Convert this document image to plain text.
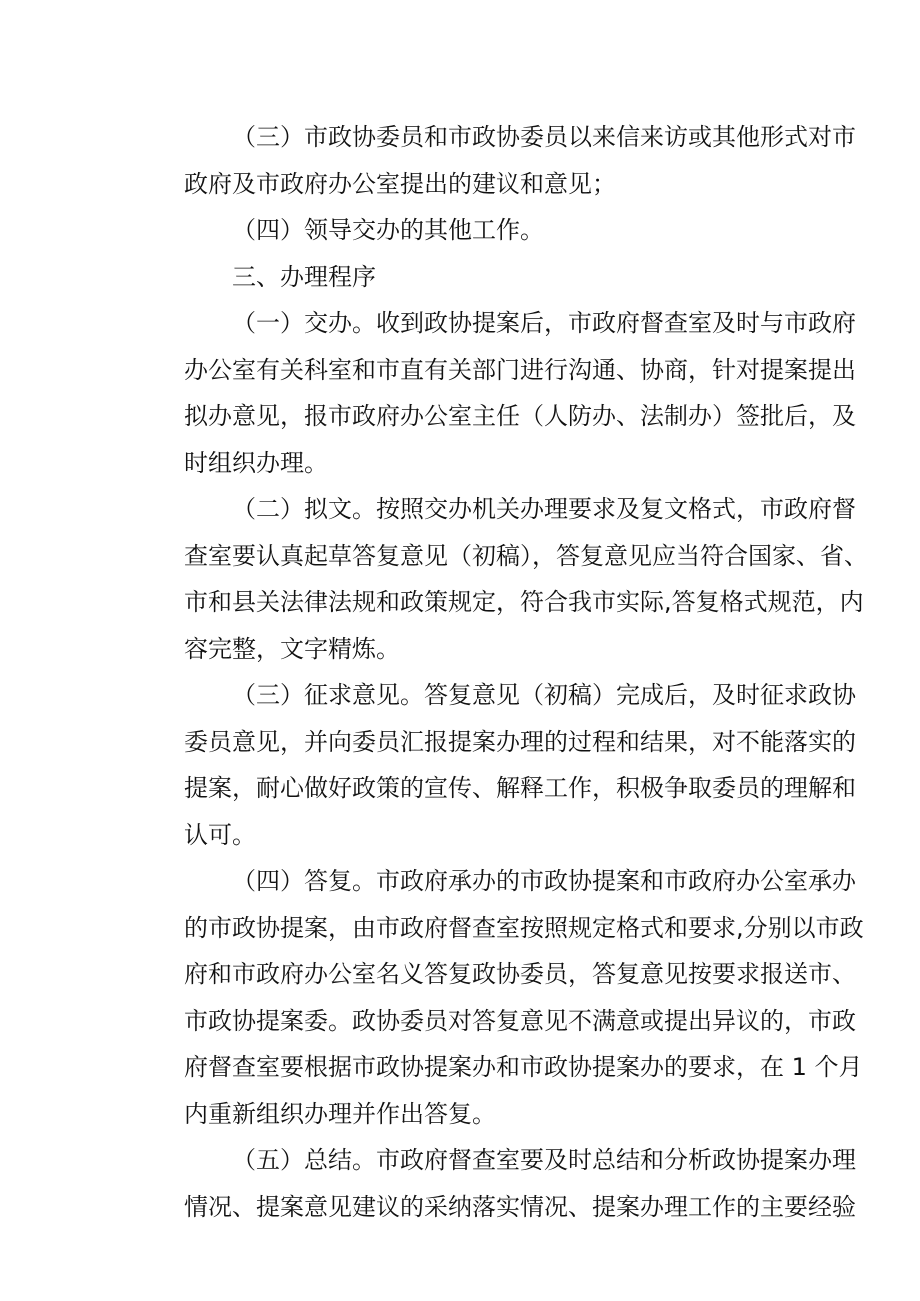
（三）市政协委员和市政协委员以来信来访或其他形式对市
政府及市政府办公室提出的建议和意见；
（四）领导交办的其他工作。
三、办理程序
（一）交办。收到政协提案后，市政府督查室及时与市政府
办公室有关科室和市直有关部门进行沟通、协商，针对提案提出
拟办意见，报市政府办公室主任（人防办、法制办）签批后，及
时组织办理。
（二）拟文。按照交办机关办理要求及复文格式，市政府督
查室要认真起草答复意见（初稿），答复意见应当符合国家、省、
市和县关法律法规和政策规定，符合我市实际,答复格式规范，内
容完整，文字精炼。
（三）征求意见。答复意见（初稿）完成后，及时征求政协
委员意见，并向委员汇报提案办理的过程和结果，对不能落实的
提案，耐心做好政策的宣传、解释工作，积极争取委员的理解和
认可。
（四）答复。市政府承办的市政协提案和市政府办公室承办
的市政协提案，由市政府督查室按照规定格式和要求,分别以市政
府和市政府办公室名义答复政协委员，答复意见按要求报送市、
市政协提案委。政协委员对答复意见不满意或提出异议的，市政
府督查室要根据市政协提案办和市政协提案办的要求，在 1 个月
内重新组织办理并作出答复。
（五）总结。市政府督查室要及时总结和分析政协提案办理
情况、提案意见建议的采纳落实情况、提案办理工作的主要经验
